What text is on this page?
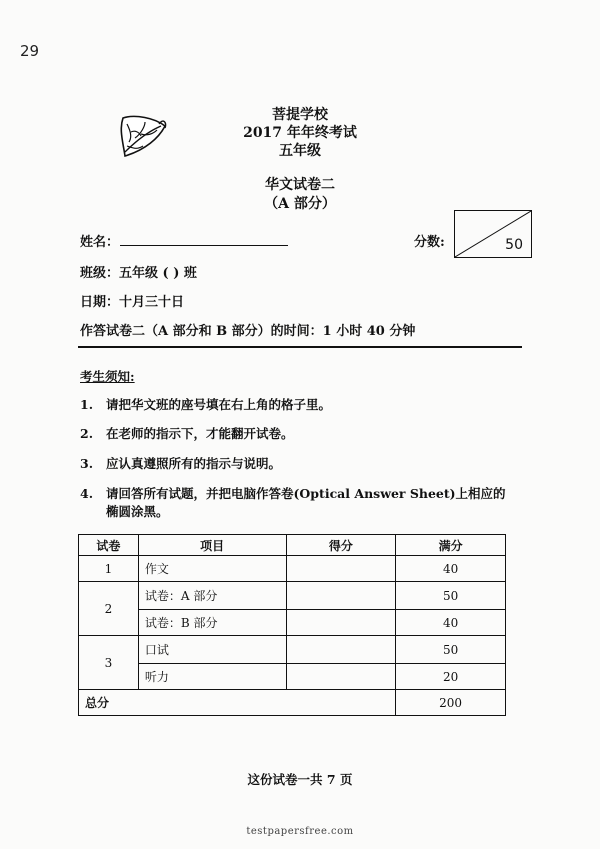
29
菩提学校
2017 年年终考试
五年级
华文试卷二
（A 部分）
姓名：	分数:	50
班级：五年级 ( ) 班
日期：十月三十日
作答试卷二（A 部分和 B 部分）的时间：1 小时 40 分钟
考生须知:
1. 请把华文班的座号填在右上角的格子里。
2. 在老师的指示下，才能翻开试卷。
3. 应认真遵照所有的指示与说明。
4.	请回答所有试题，并把电脑作答卷(Optical Answer Sheet)上相应的椭圆涂黑。
试卷	项目	得分	满分
1	作文		40
2	试卷：A 部分		50
	试卷：B 部分		40
3	口试		50
	听力		20
总分			200
这份试卷一共 7 页
testpapersfree.com
